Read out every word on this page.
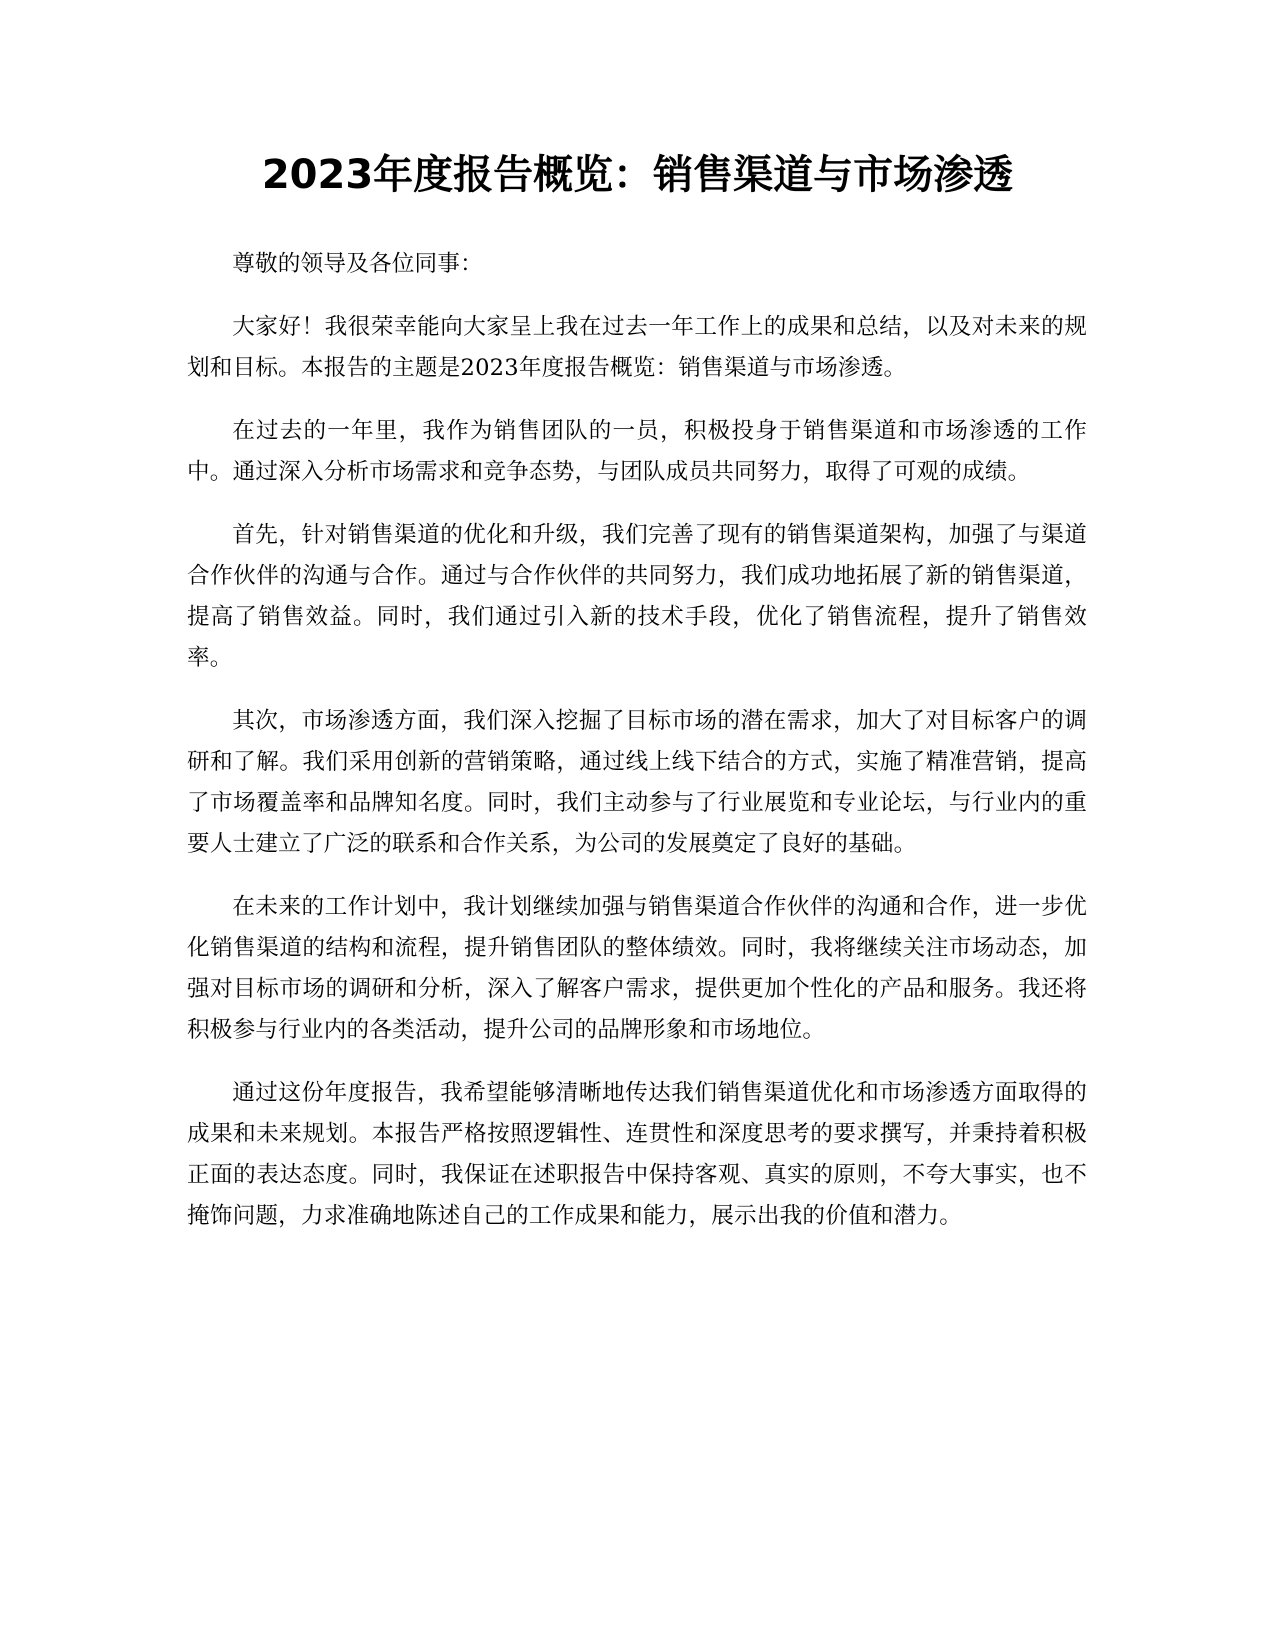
2023年度报告概览：销售渠道与市场渗透

尊敬的领导及各位同事：

大家好！我很荣幸能向大家呈上我在过去一年工作上的成果和总结，以及对未来的规划和目标。本报告的主题是2023年度报告概览：销售渠道与市场渗透。

在过去的一年里，我作为销售团队的一员，积极投身于销售渠道和市场渗透的工作中。通过深入分析市场需求和竞争态势，与团队成员共同努力，取得了可观的成绩。

首先，针对销售渠道的优化和升级，我们完善了现有的销售渠道架构，加强了与渠道合作伙伴的沟通与合作。通过与合作伙伴的共同努力，我们成功地拓展了新的销售渠道，提高了销售效益。同时，我们通过引入新的技术手段，优化了销售流程，提升了销售效率。

其次，市场渗透方面，我们深入挖掘了目标市场的潜在需求，加大了对目标客户的调研和了解。我们采用创新的营销策略，通过线上线下结合的方式，实施了精准营销，提高了市场覆盖率和品牌知名度。同时，我们主动参与了行业展览和专业论坛，与行业内的重要人士建立了广泛的联系和合作关系，为公司的发展奠定了良好的基础。

在未来的工作计划中，我计划继续加强与销售渠道合作伙伴的沟通和合作，进一步优化销售渠道的结构和流程，提升销售团队的整体绩效。同时，我将继续关注市场动态，加强对目标市场的调研和分析，深入了解客户需求，提供更加个性化的产品和服务。我还将积极参与行业内的各类活动，提升公司的品牌形象和市场地位。

通过这份年度报告，我希望能够清晰地传达我们销售渠道优化和市场渗透方面取得的成果和未来规划。本报告严格按照逻辑性、连贯性和深度思考的要求撰写，并秉持着积极正面的表达态度。同时，我保证在述职报告中保持客观、真实的原则，不夸大事实，也不掩饰问题，力求准确地陈述自己的工作成果和能力，展示出我的价值和潜力。
